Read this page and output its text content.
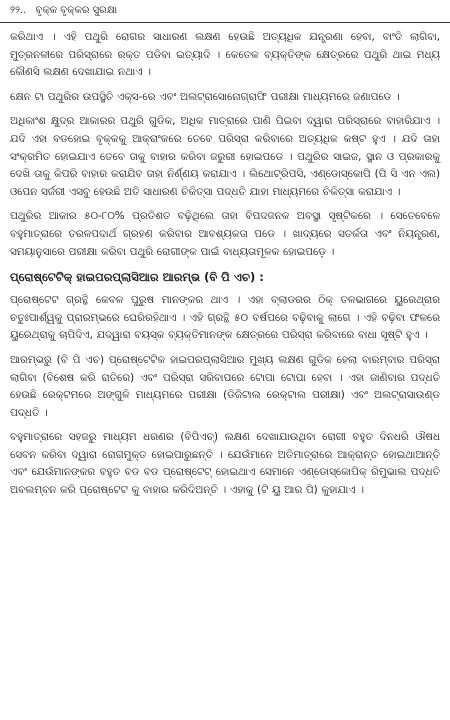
୨୨.. ବୃକ୍କ ବୃକ୍କର ସୁରକ୍ଷା

କରିଥାଏ । ଏହି ପଥୁରି ରୋଗର ସାଧାରଣ ଲକ୍ଷଣ ହେଉଛି ଅତ୍ୟଧିକ ଯନ୍ତ୍ରଣା ହେବା, ବାଂତି ଲାଗିବା, ମୁତ୍ରନଳୀରେ ପରିସ୍ରାରେ ରକ୍ତ ପଡିବା ଇତ୍ୟାଦି । କେତେକ ବ୍ୟକ୍ତିଙ୍କ କ୍ଷେତ୍ରରେ ପଥୁରି ଥାଇ ମଧ୍ୟ କୌଣସି ଲକ୍ଷଣ ଦେଖାଯାଇ ନଥାଏ ।

କ୍ଷେନ ଟା ପଥୁରିର ଉପସ୍ଥିତି ଏକ୍ସ-ରେ ଏବଂ ଅଲଟ୍ରାସୋନୋଗ୍ରାଫି ପରୀକ୍ଷା ମାଧ୍ୟମରେ ଜଣାପଡେ ।

ଅଧିକାଂଶ କ୍ଷୁଦ୍ର ଆକାରର ପଥୁରି ଗୁଡିକ, ଅଧିକ ମାତ୍ରାରେ ପାଣି ପିଇବା ଦ୍ୱାରା ପରିସ୍ରାରେ ବାହାରିଯାଏ । ଯଦି ଏହା ବଡହୋଇ ବୃକ୍କକୁ ଆକ୍ରାଂକରେ ତେବେ ପରିସ୍ରା କରିବାରେ ଅତ୍ୟଧିକ କଷ୍ଟ ହୁଏ । ଯଦି ତାହା ସଂକ୍ରମିତ ହୋଇଯାଏ ତେବେ ତାକୁ ବାହାର କରିବା ଜରୁରୀ ହୋଇପଡେ । ପଥୁରିର ସାଇଜ, ସ୍ଥାନ ଓ ପ୍ରକାରକୁ ଦେଖି ତାକୁ କିପରି ବାହାର କରାଯିବ ତାହା ନିର୍ଣ୍ଣୟ କରାଯାଏ । ଲିଥୋଟ୍ରିପସି, ଏଣ୍ଡୋସ୍କୋପି (ପି ସି ଏନ ଏଲ) ଓପେନ ସର୍ଜରୀ ଏସବୁ ହେଉଛି ଅତି ସାଧାରଣ ଚିକିତ୍ସା ପଦ୍ଧତି ଯାହା ମାଧ୍ୟମରେ ଚିକିତ୍ସା କରାଯାଏ ।

ପଥୁରିର ଆକାର ୫୦-୮୦% ପ୍ରତିଶତ ବଢ଼ିଥିଲେ ତାହା ବିପଦଜନକ ଅବସ୍ଥା ସୃଷ୍ଟିକରେ । ସେତେବେଳେ ବହୁମାତ୍ରାରେ ତରଳପଦାର୍ଥ ଗ୍ରହଣ କରିବାର ଆବଶ୍ୟକତା ପଡେ । ଖାଦ୍ୟରେ ସତର୍କତା ଏବଂ ନିୟନ୍ତ୍ରଣ, ସମୟାନୁସାରେ ପରୀକ୍ଷା କରିବା ପଥୁରି ରୋଗୀଙ୍କ ପାଇଁ ବାଧ୍ୟତାମୂଳକ ହୋଇପଡ଼େ ।

ପ୍ରୋଷ୍ଟେଟିକ୍ ହାଇପରପ୍ଲାସିଆର ଆରମ୍ଭ (ବି ପି ଏଚ) :

ପ୍ରୋଷ୍ଟେଟ ଗ୍ରନ୍ଥି କେବଳ ପୁରୁଷ ମାନଙ୍କର ଥାଏ । ଏହା ବ୍ଲାଡରର ଠିକ୍ ତଳଭାଗରେ ୟୁରେଥ୍ରାର ଚତୁଃପାର୍ଶ୍ୱକୁ ପ୍ରାରମ୍ଭରେ ଘେରିରହିଥାଏ । ଏହି ଗ୍ରନ୍ଥି ୫୦ ବର୍ଷପରେ ବଢ଼ିବାକୁ ଲାଗେ । ଏହି ବଢ଼ିବା ଫଳରେ ୟୁରେଥ୍ରାକୁ ଚାପିଦିଏ, ଯଦ୍ୱାରା ବୟସ୍କ ବ୍ୟକ୍ତିମାନଙ୍କ କ୍ଷେତ୍ରରେ ପରିସ୍ରା କରିବାରେ ବାଧା ସୃଷ୍ଟି ହୁଏ ।

ଆରମ୍ଭରୁ (ବି ପି ଏଚ) ପ୍ରୋଷ୍ଟେଟିକ ହାଇପରପ୍ଲାସିଆର ମୁଖ୍ୟ ଲକ୍ଷଣ ଗୁଡିକ ହେଲା ବାରମ୍ବାର ପରିସ୍ରା ଲାଗିବା (ବିଶେଷ କରି ରାତିରେ) ଏବଂ ପରିସ୍ରା ସରିବାପରେ ଟୋପା ଟୋପା ହେବା । ଏହା ଜାଣିବାର ପଦ୍ଧତି ହେଉଛି ରେକ୍ଟମରେ ଅଙ୍ଗୁଳି ମାଧ୍ୟମରେ ପରୀକ୍ଷା (ଡିଜିଟାଲ ରେକ୍ଟାଲ ପରୀକ୍ଷା) ଏବଂ ଅଲଟ୍ରାସାଉଣ୍ଡ ପଦ୍ଧତି ।

ବହୁମାତ୍ରାରେ ସହଜରୁ ମାଧ୍ୟମ ଧରଣର (ବିପିଏଚ୍) ଲକ୍ଷଣ ଦେଖାଯାଉଥିବା ରୋଗୀ ବହୁତ ଦିନଧରି ଔଷଧ ସେବନ କରିବା ଦ୍ୱାରା ରୋଗମୁକ୍ତ ହୋଇପାରୁଛନ୍ତି । ଯେଉଁମାନେ ଅତିମାତ୍ରାରେ ଆକ୍ରାନ୍ତ ହୋଇଥାଆନ୍ତି ଏବଂ ଯେଉଁମାନଙ୍କର ବହୁତ ବଡ ବଡ ପ୍ରୋଷ୍ଟେଟ୍ ହୋଇଥାଏ ସେମାନେ ଏଣ୍ଡୋସ୍କୋପିକ୍ ରିମୁଭାଲ ପଦ୍ଧତି ଅବଲମ୍ବନ କରି ପ୍ରୋଷ୍ଟେଟ କୁ ବାହାର କରିଦିଅନ୍ତି । ଏହାକୁ (ଟି ୟୁ ଆର ପି) କୁହାଯାଏ ।
